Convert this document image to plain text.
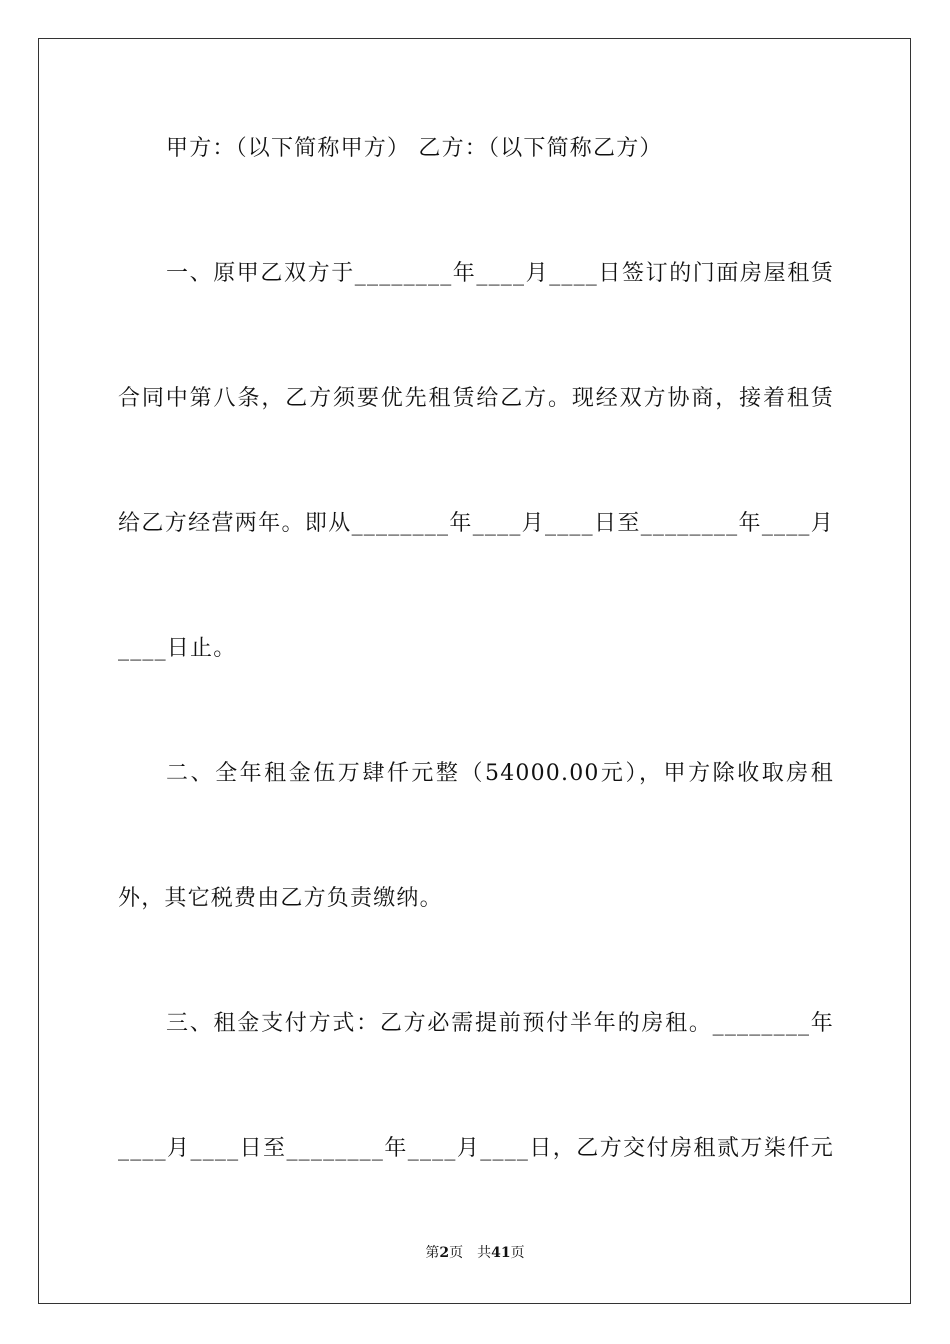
甲方：（以下简称甲方） 乙方：（以下简称乙方）
一、原甲乙双方于________年____月____日签订的门面房屋租赁
合同中第八条，乙方须要优先租赁给乙方。现经双方协商，接着租赁
给乙方经营两年。即从________年____月____日至________年____月
____日止。
二、全年租金伍万肆仟元整（54000.00元），甲方除收取房租
外，其它税费由乙方负责缴纳。
三、租金支付方式：乙方必需提前预付半年的房租。________年
____月____日至________年____月____日，乙方交付房租贰万柒仟元
第2页 共41页
